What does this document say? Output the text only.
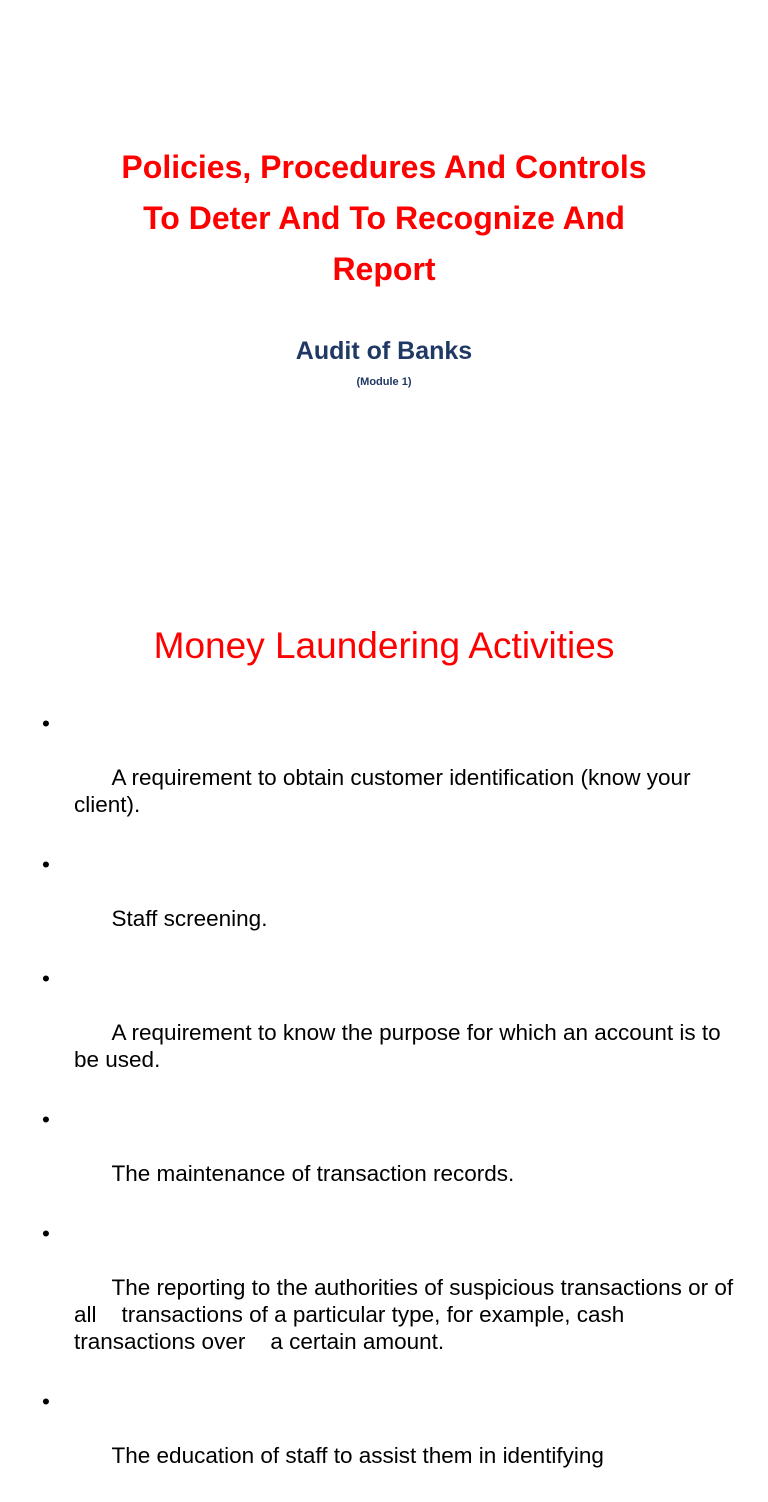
Policies, Procedures And Controls
To Deter And To Recognize And
Report
Audit of Banks
(Module 1)
Money Laundering Activities

•

A requirement to obtain customer identification (know your client).

•

Staff screening.

•

A requirement to know the purpose for which an account is to be used.

•

The maintenance of transaction records.

•

The reporting to the authorities of suspicious transactions or of all    transactions of a particular type, for example, cash transactions over    a certain amount.

•

The education of staff to assist them in identifying
